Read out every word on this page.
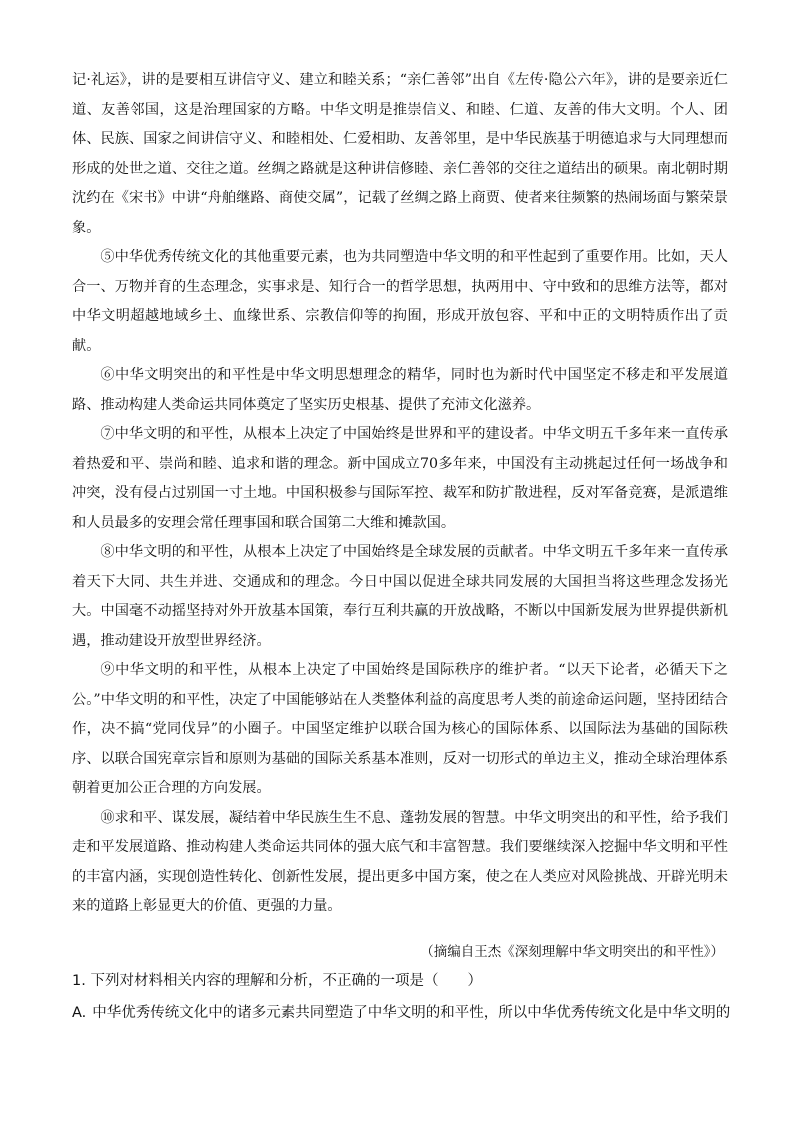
记·礼运》，讲的是要相互讲信守义、建立和睦关系；“亲仁善邻”出自《左传·隐公六年》，讲的是要亲近仁道、友善邻国，这是治理国家的方略。中华文明是推崇信义、和睦、仁道、友善的伟大文明。个人、团体、民族、国家之间讲信守义、和睦相处、仁爱相助、友善邻里，是中华民族基于明德追求与大同理想而形成的处世之道、交往之道。丝绸之路就是这种讲信修睦、亲仁善邻的交往之道结出的硕果。南北朝时期沈约在《宋书》中讲“舟舶继路、商使交属”，记载了丝绸之路上商贾、使者来往频繁的热闹场面与繁荣景象。

⑤中华优秀传统文化的其他重要元素，也为共同塑造中华文明的和平性起到了重要作用。比如，天人合一、万物并育的生态理念，实事求是、知行合一的哲学思想，执两用中、守中致和的思维方法等，都对中华文明超越地域乡土、血缘世系、宗教信仰等的拘囿，形成开放包容、平和中正的文明特质作出了贡献。

⑥中华文明突出的和平性是中华文明思想理念的精华，同时也为新时代中国坚定不移走和平发展道路、推动构建人类命运共同体奠定了坚实历史根基、提供了充沛文化滋养。

⑦中华文明的和平性，从根本上决定了中国始终是世界和平的建设者。中华文明五千多年来一直传承着热爱和平、崇尚和睦、追求和谐的理念。新中国成立70多年来，中国没有主动挑起过任何一场战争和冲突，没有侵占过别国一寸土地。中国积极参与国际军控、裁军和防扩散进程，反对军备竞赛，是派遣维和人员最多的安理会常任理事国和联合国第二大维和摊款国。

⑧中华文明的和平性，从根本上决定了中国始终是全球发展的贡献者。中华文明五千多年来一直传承着天下大同、共生并进、交通成和的理念。今日中国以促进全球共同发展的大国担当将这些理念发扬光大。中国毫不动摇坚持对外开放基本国策，奉行互利共赢的开放战略，不断以中国新发展为世界提供新机遇，推动建设开放型世界经济。

⑨中华文明的和平性，从根本上决定了中国始终是国际秩序的维护者。“以天下论者，必循天下之公。”中华文明的和平性，决定了中国能够站在人类整体利益的高度思考人类的前途命运问题，坚持团结合作，决不搞“党同伐异”的小圈子。中国坚定维护以联合国为核心的国际体系、以国际法为基础的国际秩序、以联合国宪章宗旨和原则为基础的国际关系基本准则，反对一切形式的单边主义，推动全球治理体系朝着更加公正合理的方向发展。

⑩求和平、谋发展，凝结着中华民族生生不息、蓬勃发展的智慧。中华文明突出的和平性，给予我们走和平发展道路、推动构建人类命运共同体的强大底气和丰富智慧。我们要继续深入挖掘中华文明和平性的丰富内涵，实现创造性转化、创新性发展，提出更多中国方案，使之在人类应对风险挑战、开辟光明未来的道路上彰显更大的价值、更强的力量。

（摘编自王杰《深刻理解中华文明突出的和平性》）
1. 下列对材料相关内容的理解和分析，不正确的一项是（　　）
A. 中华优秀传统文化中的诸多元素共同塑造了中华文明的和平性，所以中华优秀传统文化是中华文明的
